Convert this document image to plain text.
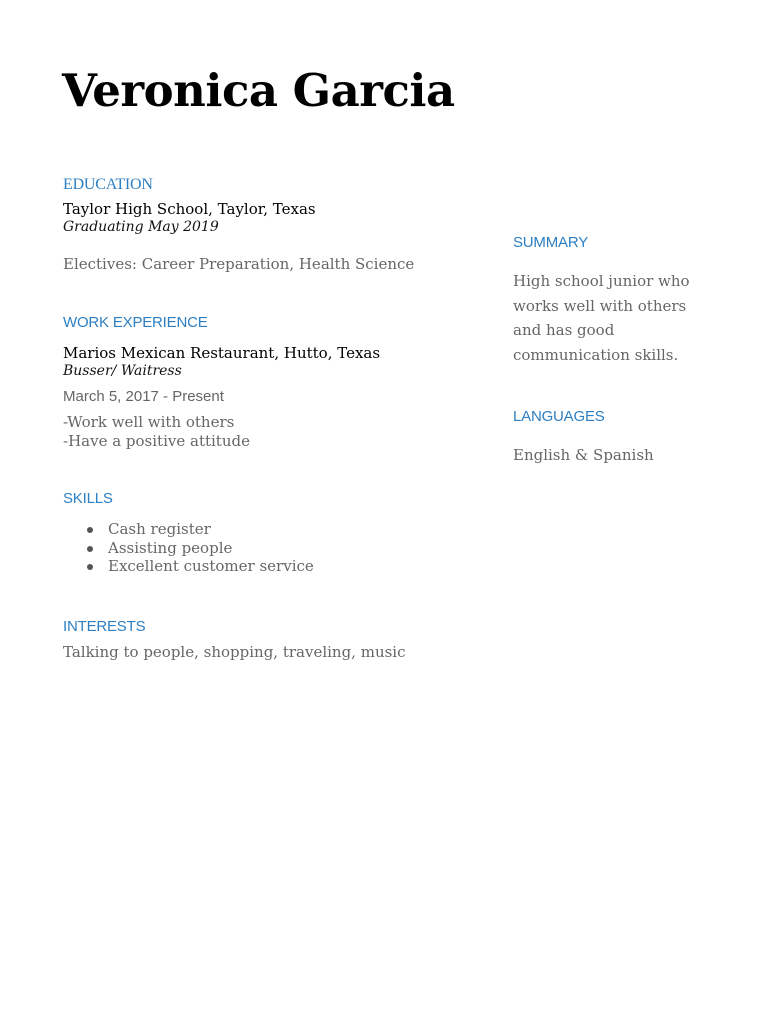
Veronica Garcia
EDUCATION
Taylor High School, Taylor, Texas
Graduating May 2019
Electives: Career Preparation, Health Science
WORK EXPERIENCE
Marios Mexican Restaurant, Hutto, Texas
Busser/ Waitress
March 5, 2017 - Present
-Work well with others
-Have a positive attitude
SKILLS
Cash register
Assisting people
Excellent customer service
INTERESTS
Talking to people, shopping, traveling, music
SUMMARY
High school junior who works well with others and has good communication skills.
LANGUAGES
English & Spanish
